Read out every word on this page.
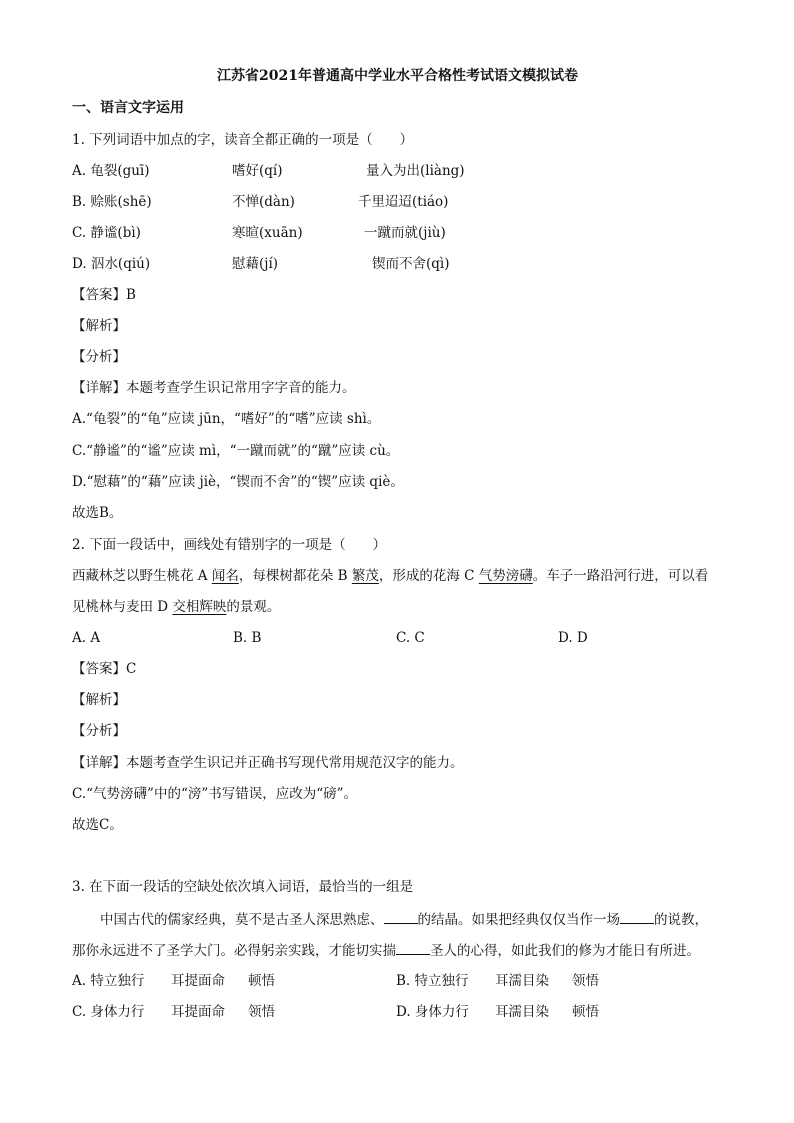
江苏省2021年普通高中学业水平合格性考试语文模拟试卷
一、语言文字运用
1. 下列词语中加点的字，读音全都正确的一项是（　　）
A. 龟裂(guī)	嗜好(qí)	量入为出(liàng)
B. 赊账(shē)	不惮(dàn)	千里迢迢(tiáo)
C. 静谧(bì)	寒暄(xuān)	一蹴而就(jiù)
D. 泅水(qiú)	慰藉(jí)	锲而不舍(qì)
【答案】B
【解析】
【分析】
【详解】本题考查学生识记常用字字音的能力。
A.“龟裂”的“龟”应读 jūn，“嗜好”的“嗜”应读 shì。
C.“静谧”的“谧”应读 mì，“一蹴而就”的“蹴”应读 cù。
D.“慰藉”的“藉”应读 jiè，“锲而不舍”的“锲”应读 qiè。
故选B。
2. 下面一段话中，画线处有错别字的一项是（　　）
西藏林芝以野生桃花 A 闻名，每棵树都花朵 B 繁茂，形成的花海 C 气势滂礴。车子一路沿河行进，可以看
见桃林与麦田 D 交相辉映的景观。
A. A	B. B	C. C	D. D
【答案】C
【解析】
【分析】
【详解】本题考查学生识记并正确书写现代常用规范汉字的能力。
C.“气势滂礴”中的“滂”书写错误，应改为“磅”。
故选C。
3. 在下面一段话的空缺处依次填入词语，最恰当的一组是
中国古代的儒家经典，莫不是古圣人深思熟虑、	的结晶。如果把经典仅仅当作一场	的说教，
那你永远进不了圣学大门。必得躬亲实践，才能切实揣	圣人的心得，如此我们的修为才能日有所进。
A. 特立独行 耳提面命 顿悟	B. 特立独行 耳濡目染 领悟
C. 身体力行 耳提面命 领悟	D. 身体力行 耳濡目染 顿悟
